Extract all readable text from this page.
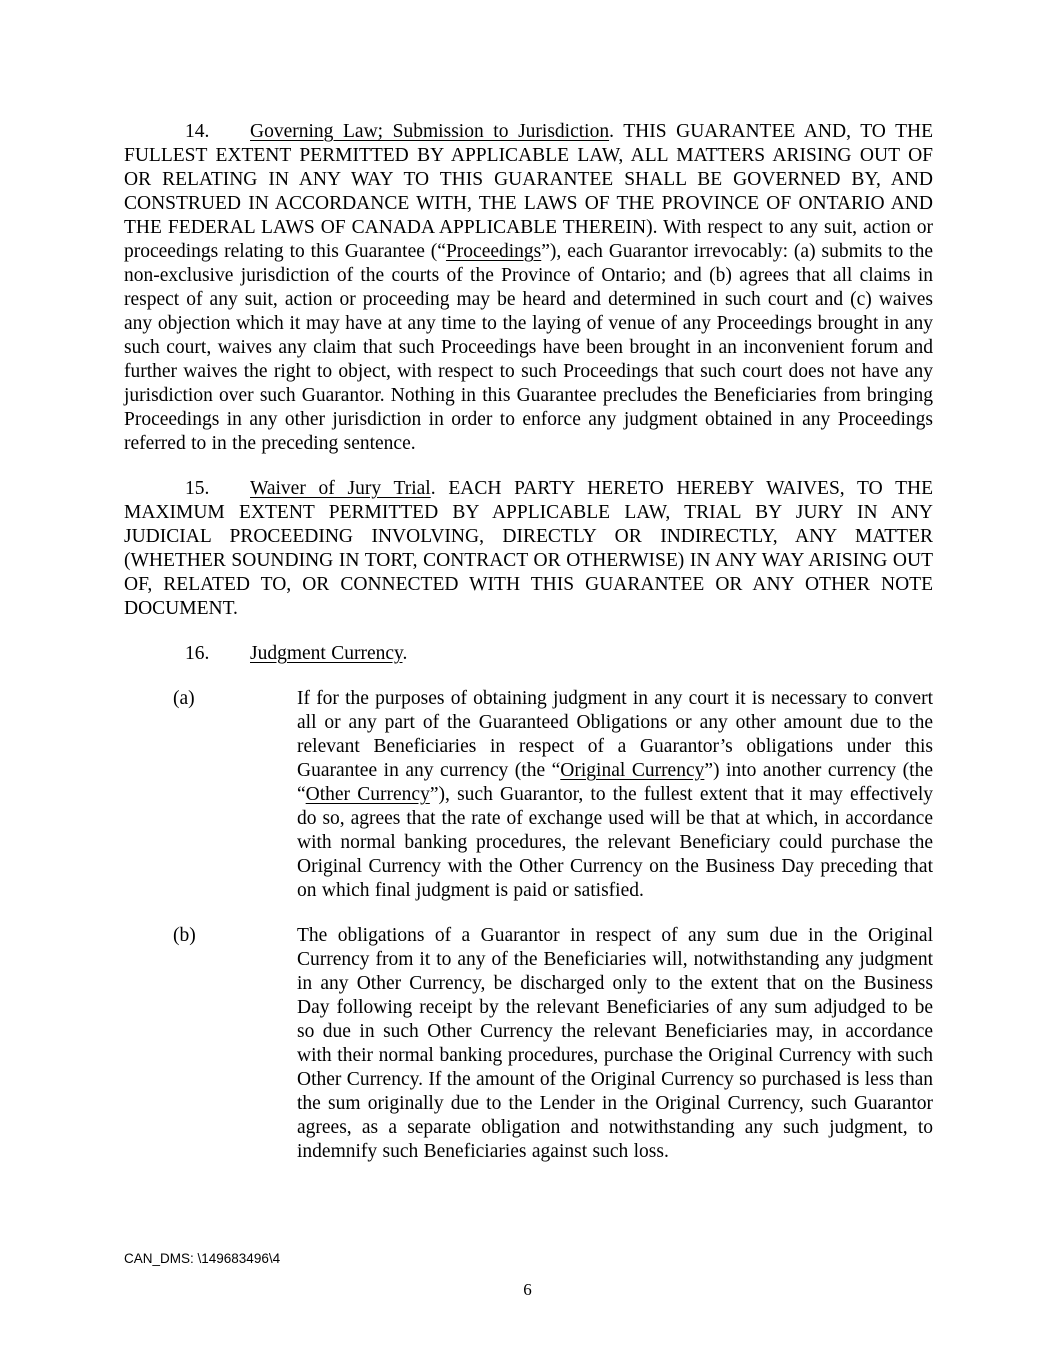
14. Governing Law; Submission to Jurisdiction. THIS GUARANTEE AND, TO THE FULLEST EXTENT PERMITTED BY APPLICABLE LAW, ALL MATTERS ARISING OUT OF OR RELATING IN ANY WAY TO THIS GUARANTEE SHALL BE GOVERNED BY, AND CONSTRUED IN ACCORDANCE WITH, THE LAWS OF THE PROVINCE OF ONTARIO AND THE FEDERAL LAWS OF CANADA APPLICABLE THEREIN). With respect to any suit, action or proceedings relating to this Guarantee (“Proceedings”), each Guarantor irrevocably: (a) submits to the non-exclusive jurisdiction of the courts of the Province of Ontario; and (b) agrees that all claims in respect of any suit, action or proceeding may be heard and determined in such court and (c) waives any objection which it may have at any time to the laying of venue of any Proceedings brought in any such court, waives any claim that such Proceedings have been brought in an inconvenient forum and further waives the right to object, with respect to such Proceedings that such court does not have any jurisdiction over such Guarantor. Nothing in this Guarantee precludes the Beneficiaries from bringing Proceedings in any other jurisdiction in order to enforce any judgment obtained in any Proceedings referred to in the preceding sentence.
15. Waiver of Jury Trial. EACH PARTY HERETO HEREBY WAIVES, TO THE MAXIMUM EXTENT PERMITTED BY APPLICABLE LAW, TRIAL BY JURY IN ANY JUDICIAL PROCEEDING INVOLVING, DIRECTLY OR INDIRECTLY, ANY MATTER (WHETHER SOUNDING IN TORT, CONTRACT OR OTHERWISE) IN ANY WAY ARISING OUT OF, RELATED TO, OR CONNECTED WITH THIS GUARANTEE OR ANY OTHER NOTE DOCUMENT.
16. Judgment Currency.
(a)	If for the purposes of obtaining judgment in any court it is necessary to convert all or any part of the Guaranteed Obligations or any other amount due to the relevant Beneficiaries in respect of a Guarantor’s obligations under this Guarantee in any currency (the “Original Currency”) into another currency (the “Other Currency”), such Guarantor, to the fullest extent that it may effectively do so, agrees that the rate of exchange used will be that at which, in accordance with normal banking procedures, the relevant Beneficiary could purchase the Original Currency with the Other Currency on the Business Day preceding that on which final judgment is paid or satisfied.
(b)	The obligations of a Guarantor in respect of any sum due in the Original Currency from it to any of the Beneficiaries will, notwithstanding any judgment in any Other Currency, be discharged only to the extent that on the Business Day following receipt by the relevant Beneficiaries of any sum adjudged to be so due in such Other Currency the relevant Beneficiaries may, in accordance with their normal banking procedures, purchase the Original Currency with such Other Currency. If the amount of the Original Currency so purchased is less than the sum originally due to the Lender in the Original Currency, such Guarantor agrees, as a separate obligation and notwithstanding any such judgment, to indemnify such Beneficiaries against such loss.
CAN_DMS: \149683496\4
6
